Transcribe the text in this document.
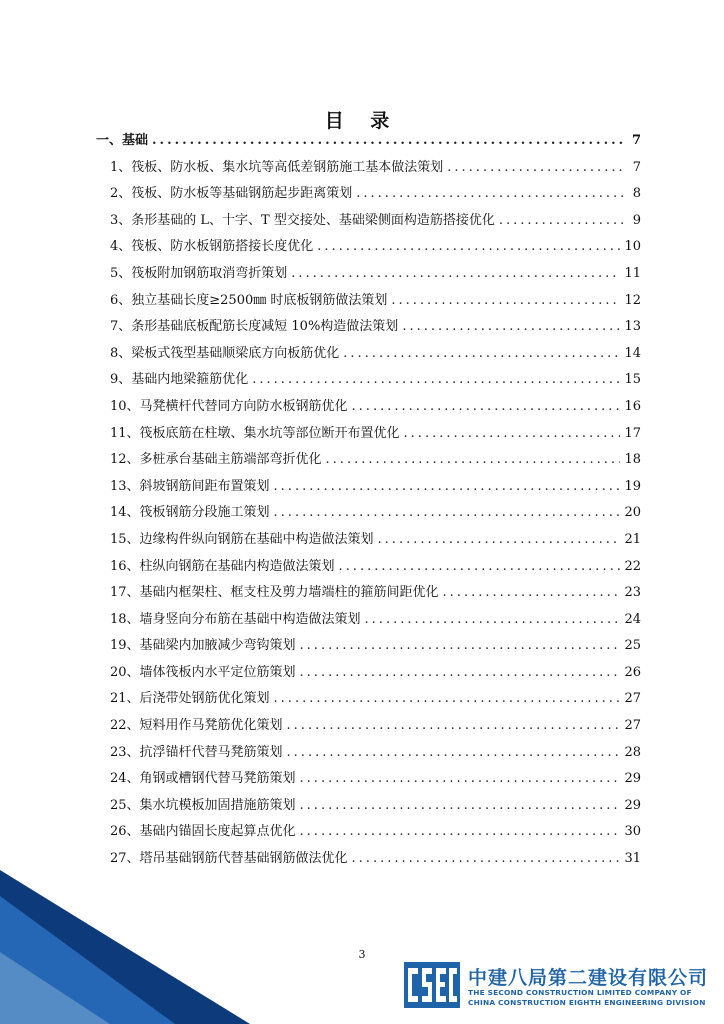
目 录
一、基础 .....	7
1、筏板、防水板、集水坑等高低差钢筋施工基本做法策划 .....	7
2、筏板、防水板等基础钢筋起步距离策划 .....	8
3、条形基础的 L、十字、T 型交接处、基础梁侧面构造筋搭接优化 .....	9
4、筏板、防水板钢筋搭接长度优化 .....	10
5、筏板附加钢筋取消弯折策划 .....	11
6、独立基础长度≥2500㎜ 时底板钢筋做法策划 .....	12
7、条形基础底板配筋长度减短 10%构造做法策划 .....	13
8、梁板式筏型基础顺梁底方向板筋优化 .....	14
9、基础内地梁箍筋优化 .....	15
10、马凳横杆代替同方向防水板钢筋优化 .....	16
11、筏板底筋在柱墩、集水坑等部位断开布置优化 .....	17
12、多桩承台基础主筋端部弯折优化 .....	18
13、斜坡钢筋间距布置策划 .....	19
14、筏板钢筋分段施工策划 .....	20
15、边缘构件纵向钢筋在基础中构造做法策划 .....	21
16、柱纵向钢筋在基础内构造做法策划 .....	22
17、基础内框架柱、框支柱及剪力墙端柱的箍筋间距优化 .....	23
18、墙身竖向分布筋在基础中构造做法策划 .....	24
19、基础梁内加腋减少弯钩策划 .....	25
20、墙体筏板内水平定位筋策划 .....	26
21、后浇带处钢筋优化策划 .....	27
22、短料用作马凳筋优化策划 .....	27
23、抗浮锚杆代替马凳筋策划 .....	28
24、角钢或槽钢代替马凳筋策划 .....	29
25、集水坑模板加固措施筋策划 .....	29
26、基础内锚固长度起算点优化 .....	30
27、塔吊基础钢筋代替基础钢筋做法优化 .....	31
3
中建八局第二建设有限公司
THE SECOND CONSTRUCTION LIMITED COMPANY OF
CHINA CONSTRUCTION EIGHTH ENGINEERING DIVISION
